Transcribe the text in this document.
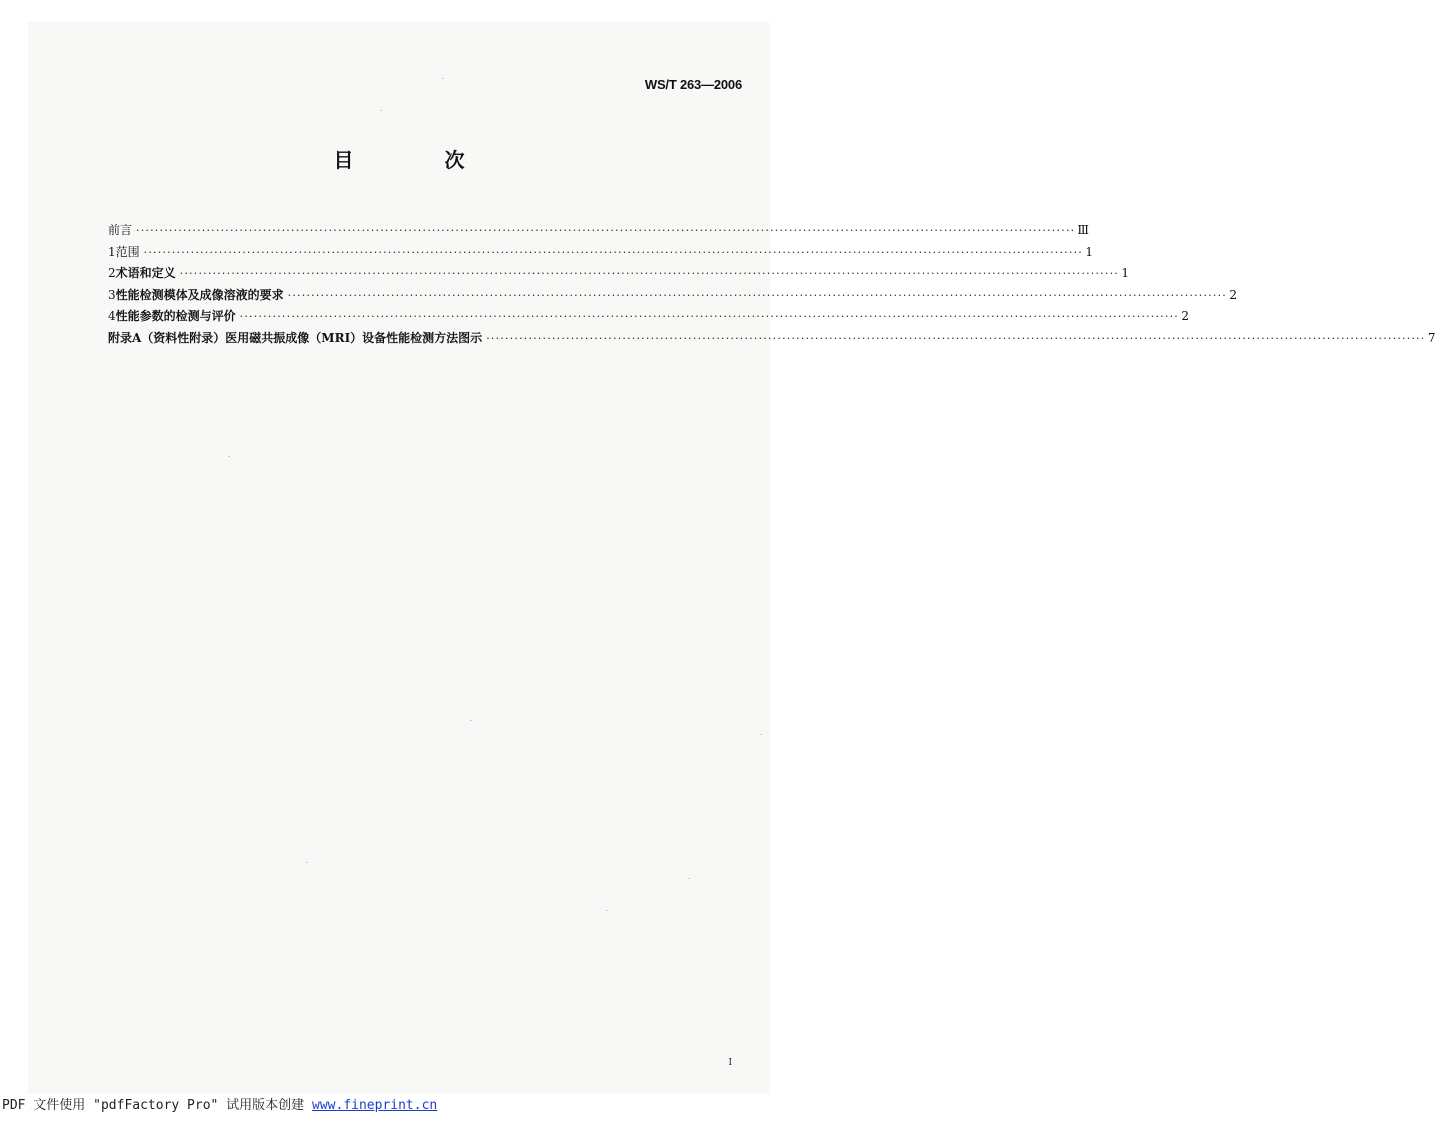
WS/T 263—2006
目 次
前言 ········································································································································································································ Ⅲ
1 范围 ········································································································································································································ 1
2 术语和定义 ········································································································································································································ 1
3 性能检测模体及成像溶液的要求 ········································································································································································································ 2
4 性能参数的检测与评价 ········································································································································································································ 2
附录A（资料性附录）医用磁共振成像（MRI）设备性能检测方法图示 ········································································································································································································ 7
I
PDF 文件使用 "pdfFactory Pro" 试用版本创建 www.fineprint.cn
